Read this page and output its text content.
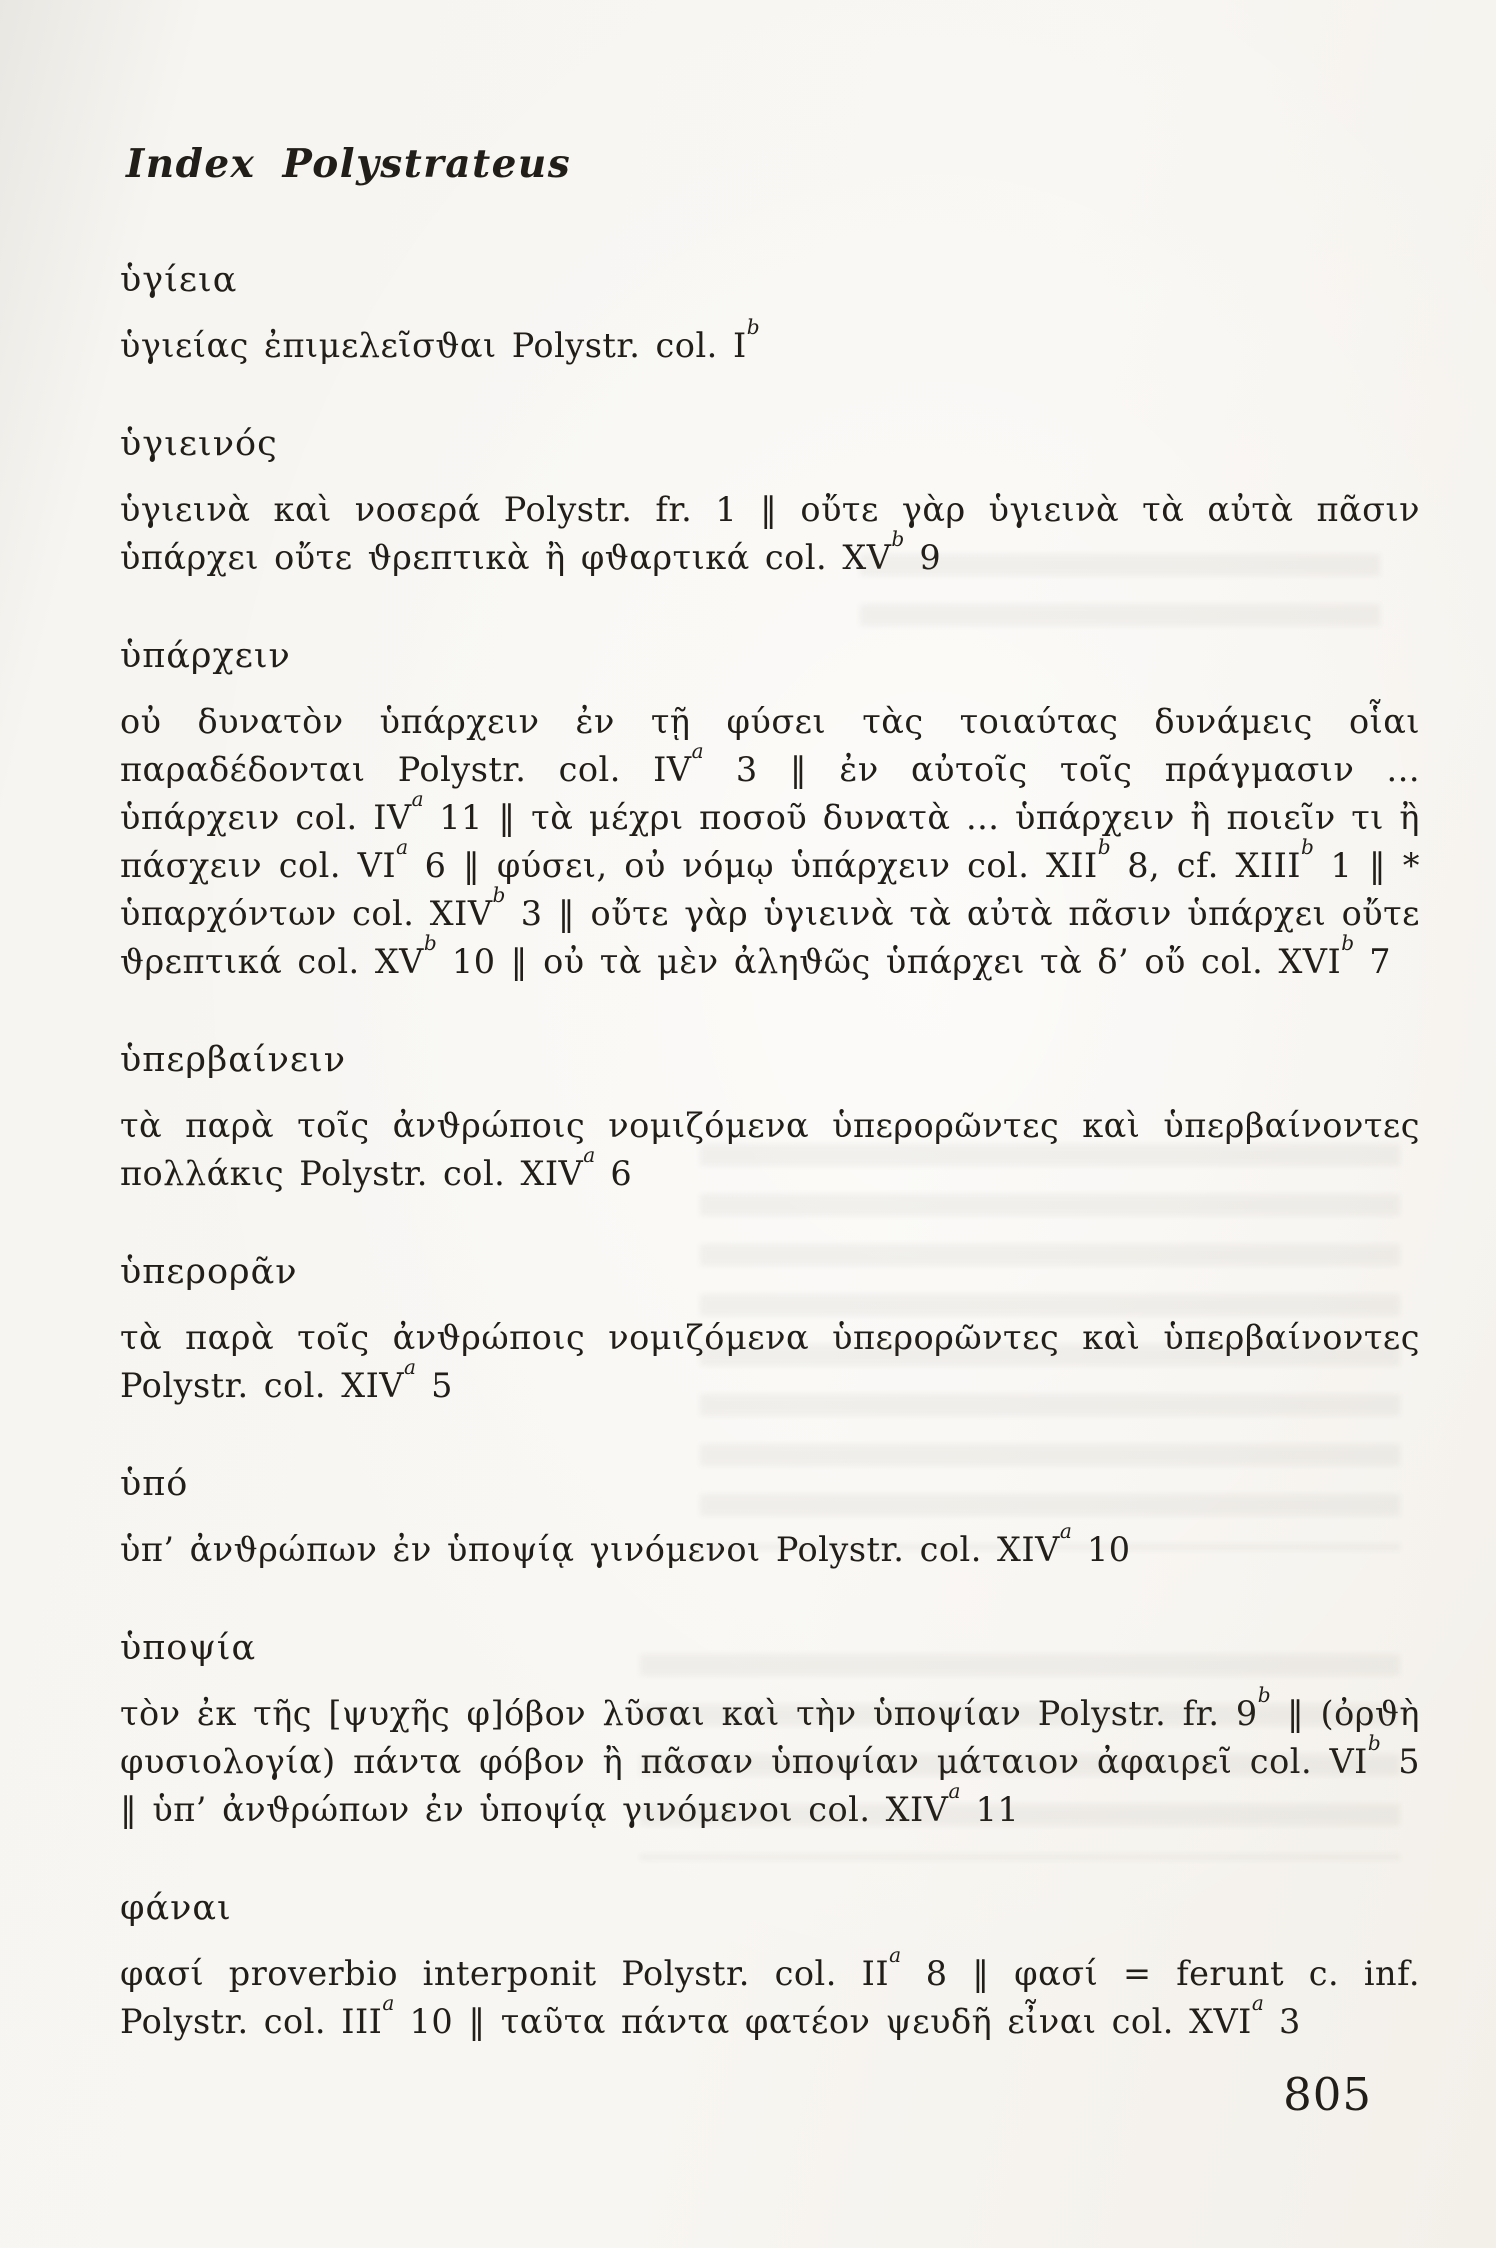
Index Polystrateus
ὑγίεια

ὑγιείας ἐπιμελεῖσϑαι Polystr. col. $I^b$

ὑγιεινός

ὑγιεινὰ καὶ νοσερά Polystr. fr. 1 ‖ οὔτε γὰρ ὑγιεινὰ τὰ αὐτὰ πᾶσιν ὑπάρχει οὔτε ϑρεπτικὰ ἢ φϑαρτικά col. $XV^b$ 9

ὑπάρχειν

οὐ δυνατὸν ὑπάρχειν ἐν τῇ φύσει τὰς τοιαύτας δυνάμεις οἷαι παραδέδονται Polystr. col. $IV^a$ 3 ‖ ἐν αὐτοῖς τοῖς πράγμασιν ... ὑπάρχειν col. $IV^a$ 11 ‖ τὰ μέχρι ποσοῦ δυνατὰ ... ὑπάρχειν ἢ ποιεῖν τι ἢ πάσχειν col. $VI^a$ 6 ‖ φύσει, οὐ νόμῳ ὑπάρχειν col. XII$^b$ 8, cf. XIII$^b$ 1 ‖ * ὑπαρχόντων col. XIV$^b$ 3 ‖ οὔτε γὰρ ὑγιεινὰ τὰ αὐτὰ πᾶσιν ὑπάρχει οὔτε ϑρεπτικά col. $XV^b$ 10 ‖ οὐ τὰ μὲν ἀληϑῶς ὑπάρχει τὰ δ’ οὔ col. XVI$^b$ 7

ὑπερβαίνειν

τὰ παρὰ τοῖς ἀνϑρώποις νομιζόμενα ὑπερορῶντες καὶ ὑπερβαίνοντες πολλάκις Polystr. col. XIV$^a$ 6

ὑπερορᾶν

τὰ παρὰ τοῖς ἀνϑρώποις νομιζόμενα ὑπερορῶντες καὶ ὑπερβαίνοντες Polystr. col. XIV$^a$ 5

ὑπό

ὑπ’ ἀνϑρώπων ἐν ὑποψίᾳ γινόμενοι Polystr. col. XIV$^a$ 10

ὑποψία

τὸν ἐκ τῆς [ψυχῆς φ]όβον λῦσαι καὶ τὴν ὑποψίαν Polystr. fr. 9$^b$ ‖ (ὀρϑὴ φυσιολογία) πάντα φόβον ἢ πᾶσαν ὑποψίαν μάταιον ἀφαιρεῖ col. $VI^b$ 5 ‖ ὑπ’ ἀνϑρώπων ἐν ὑποψίᾳ γινόμενοι col. XIV$^a$ 11

φάναι

φασί proverbio interponit Polystr. col. $II^a$ 8 ‖ φασί = ferunt c. inf. Polystr. col. III$^a$ 10 ‖ ταῦτα πάντα φατέον ψευδῆ εἶναι col. XVI$^a$ 3

805
